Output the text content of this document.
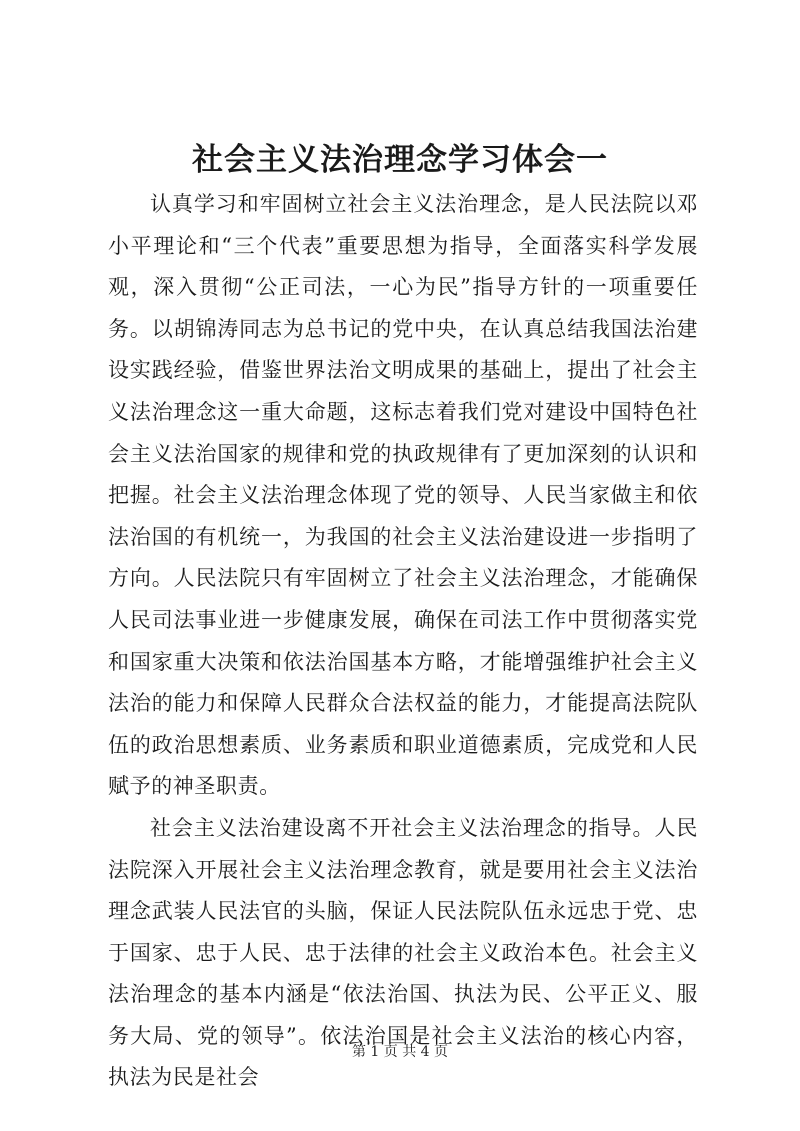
社会主义法治理念学习体会一

认真学习和牢固树立社会主义法治理念，是人民法院以邓小平理论和“三个代表”重要思想为指导，全面落实科学发展观，深入贯彻“公正司法，一心为民”指导方针的一项重要任务。以胡锦涛同志为总书记的党中央，在认真总结我国法治建设实践经验，借鉴世界法治文明成果的基础上，提出了社会主义法治理念这一重大命题，这标志着我们党对建设中国特色社会主义法治国家的规律和党的执政规律有了更加深刻的认识和把握。社会主义法治理念体现了党的领导、人民当家做主和依法治国的有机统一，为我国的社会主义法治建设进一步指明了方向。人民法院只有牢固树立了社会主义法治理念，才能确保人民司法事业进一步健康发展，确保在司法工作中贯彻落实党和国家重大决策和依法治国基本方略，才能增强维护社会主义法治的能力和保障人民群众合法权益的能力，才能提高法院队伍的政治思想素质、业务素质和职业道德素质，完成党和人民赋予的神圣职责。

社会主义法治建设离不开社会主义法治理念的指导。人民法院深入开展社会主义法治理念教育，就是要用社会主义法治理念武装人民法官的头脑，保证人民法院队伍永远忠于党、忠于国家、忠于人民、忠于法律的社会主义政治本色。社会主义法治理念的基本内涵是“依法治国、执法为民、公平正义、服务大局、党的领导”。依法治国是社会主义法治的核心内容，执法为民是社会

第 1 页 共 4 页
